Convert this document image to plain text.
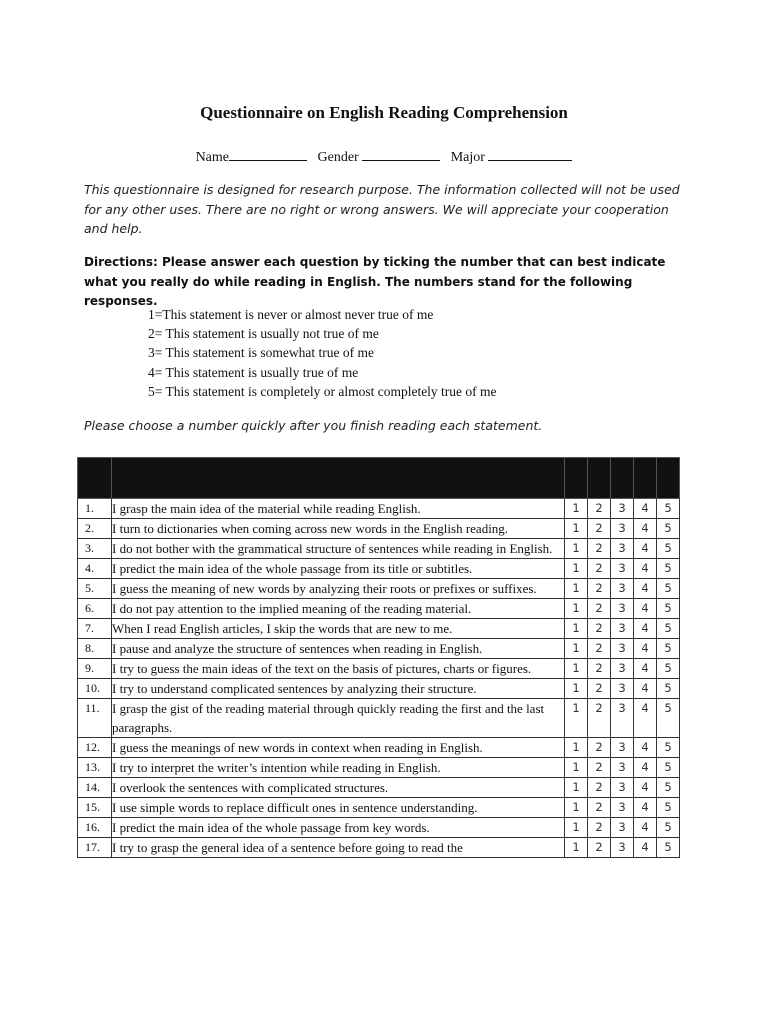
Questionnaire on English Reading Comprehension
Name	Gender	Major
This questionnaire is designed for research purpose. The information collected will not be used for any other uses. There are no right or wrong answers. We will appreciate your cooperation and help.
Directions: Please answer each question by ticking the number that can best indicate what you really do while reading in English. The numbers stand for the following responses.
1=This statement is never or almost never true of me
2= This statement is usually not true of me
3= This statement is somewhat true of me
4= This statement is usually true of me
5= This statement is completely or almost completely true of me
Please choose a number quickly after you finish reading each statement.

1.	I grasp the main idea of the material while reading English.	1	2	3	4	5
2.	I turn to dictionaries when coming across new words in the English reading.	1	2	3	4	5
3.	I do not bother with the grammatical structure of sentences while reading in English.	1	2	3	4	5
4.	I predict the main idea of the whole passage from its title or subtitles.	1	2	3	4	5
5.	I guess the meaning of new words by analyzing their roots or prefixes or suffixes.	1	2	3	4	5
6.	I do not pay attention to the implied meaning of the reading material.	1	2	3	4	5
7.	When I read English articles, I skip the words that are new to me.	1	2	3	4	5
8.	I pause and analyze the structure of sentences when reading in English.	1	2	3	4	5
9.	I try to guess the main ideas of the text on the basis of pictures, charts or figures.	1	2	3	4	5
10.	I try to understand complicated sentences by analyzing their structure.	1	2	3	4	5
11.	I grasp the gist of the reading material through quickly reading the first and the last paragraphs.	1	2	3	4	5
12.	I guess the meanings of new words in context when reading in English.	1	2	3	4	5
13.	I try to interpret the writer’s intention while reading in English.	1	2	3	4	5
14.	I overlook the sentences with complicated structures.	1	2	3	4	5
15.	I use simple words to replace difficult ones in sentence understanding.	1	2	3	4	5
16.	I predict the main idea of the whole passage from key words.	1	2	3	4	5
17.	I try to grasp the general idea of a sentence before going to read the	1	2	3	4	5
